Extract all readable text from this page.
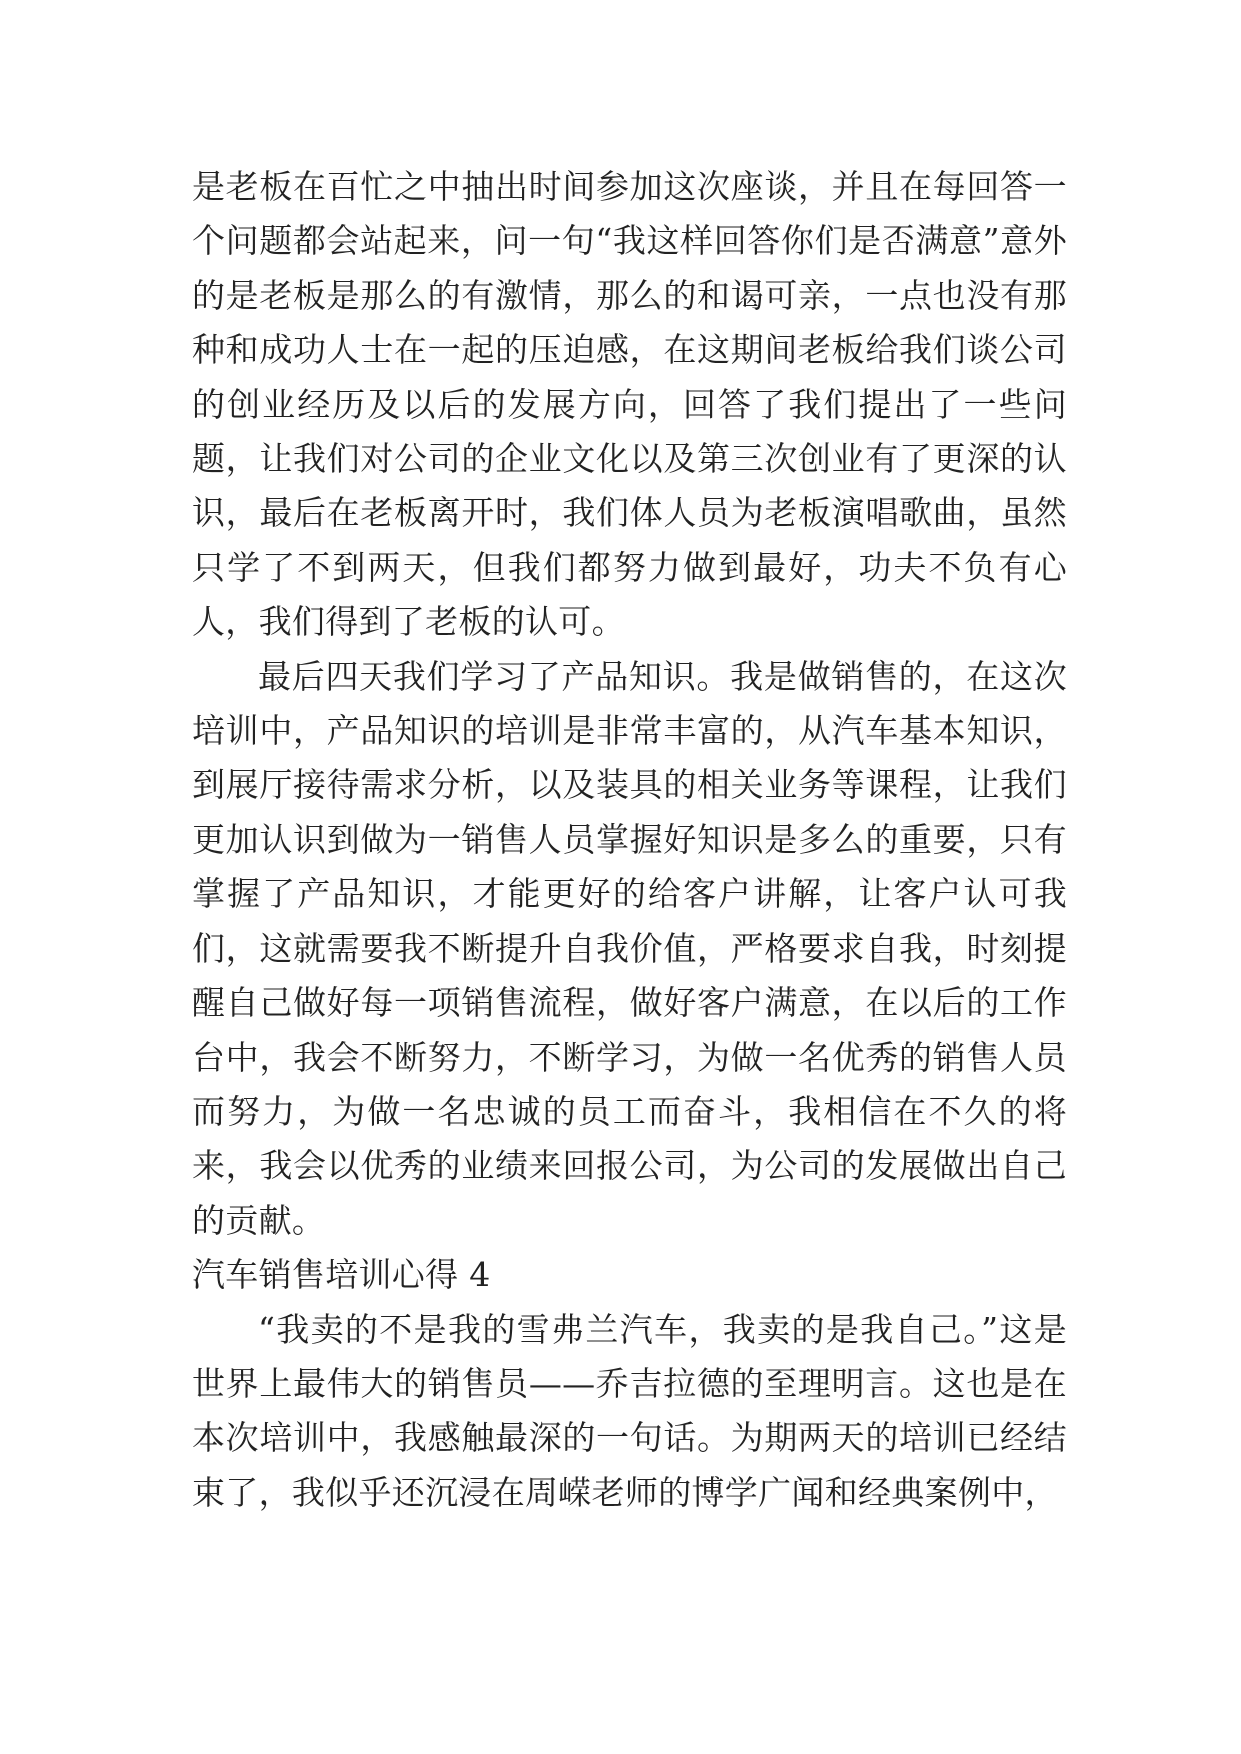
是老板在百忙之中抽出时间参加这次座谈，并且在每回答一个问题都会站起来，问一句“我这样回答你们是否满意”意外的是老板是那么的有激情，那么的和谒可亲，一点也没有那种和成功人士在一起的压迫感，在这期间老板给我们谈公司的创业经历及以后的发展方向，回答了我们提出了一些问题，让我们对公司的企业文化以及第三次创业有了更深的认识，最后在老板离开时，我们体人员为老板演唱歌曲，虽然只学了不到两天，但我们都努力做到最好，功夫不负有心人，我们得到了老板的认可。

最后四天我们学习了产品知识。我是做销售的，在这次培训中，产品知识的培训是非常丰富的，从汽车基本知识，到展厅接待需求分析，以及装具的相关业务等课程，让我们更加认识到做为一销售人员掌握好知识是多么的重要，只有掌握了产品知识，才能更好的给客户讲解，让客户认可我们，这就需要我不断提升自我价值，严格要求自我，时刻提醒自己做好每一项销售流程，做好客户满意，在以后的工作台中，我会不断努力，不断学习，为做一名优秀的销售人员而努力，为做一名忠诚的员工而奋斗，我相信在不久的将来，我会以优秀的业绩来回报公司，为公司的发展做出自己的贡献。

汽车销售培训心得 4

“我卖的不是我的雪弗兰汽车，我卖的是我自己。”这是世界上最伟大的销售员——乔吉拉德的至理明言。这也是在本次培训中，我感触最深的一句话。为期两天的培训已经结束了，我似乎还沉浸在周嵘老师的博学广闻和经典案例中，
